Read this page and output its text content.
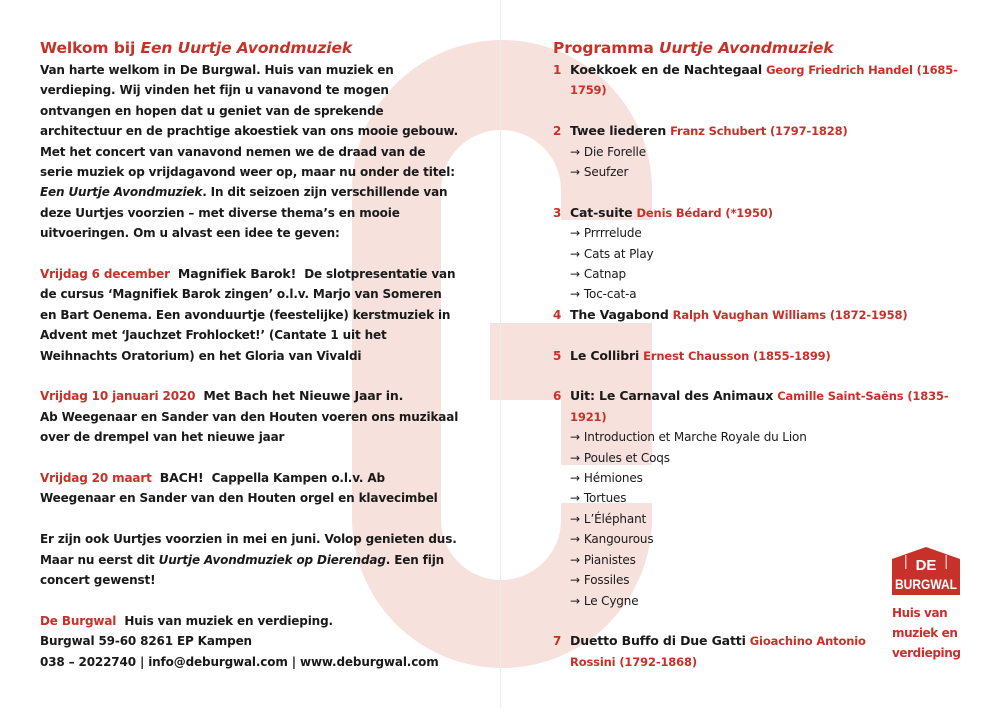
Welkom bij Een Uurtje Avondmuziek

Van harte welkom in De Burgwal. Huis van muziek en verdieping. Wij vinden het fijn u vanavond te mogen ontvangen en hopen dat u geniet van de sprekende architectuur en de prachtige akoestiek van ons mooie gebouw. Met het concert van vanavond nemen we de draad van de serie muziek op vrijdagavond weer op, maar nu onder de titel: Een Uurtje Avondmuziek. In dit seizoen zijn verschillende van deze Uurtjes voorzien – met diverse thema’s en mooie uitvoeringen. Om u alvast een idee te geven:

Vrijdag 6 december Magnifiek Barok! De slotpresentatie van de cursus ‘Magnifiek Barok zingen’ o.l.v. Marjo van Someren en Bart Oenema. Een avonduurtje (feestelijke) kerstmuziek in Advent met ‘Jauchzet Frohlocket!’ (Cantate 1 uit het Weihnachts Oratorium) en het Gloria van Vivaldi

Vrijdag 10 januari 2020 Met Bach het Nieuwe Jaar in.
Ab Weegenaar en Sander van den Houten voeren ons muzikaal over de drempel van het nieuwe jaar

Vrijdag 20 maart BACH! Cappella Kampen o.l.v. Ab Weegenaar en Sander van den Houten orgel en klavecimbel

Er zijn ook Uurtjes voorzien in mei en juni. Volop genieten dus.
Maar nu eerst dit Uurtje Avondmuziek op Dierendag. Een fijn concert gewenst!

De Burgwal Huis van muziek en verdieping.
Burgwal 59-60 8261 EP Kampen
038 – 2022740 | info@deburgwal.com | www.deburgwal.com

Programma Uurtje Avondmuziek
1 Koekkoek en de Nachtegaal Georg Friedrich Handel (1685-1759)
2 Twee liederen Franz Schubert (1797-1828)
→ Die Forelle
→ Seufzer
3 Cat-suite Denis Bédard (*1950)
→ Prrrrelude
→ Cats at Play
→ Catnap
→ Toc-cat-a
4 The Vagabond Ralph Vaughan Williams (1872-1958)
5 Le Collibri Ernest Chausson (1855-1899)
6 Uit: Le Carnaval des Animaux Camille Saint-Saëns (1835-1921)
→ Introduction et Marche Royale du Lion
→ Poules et Coqs
→ Hémiones
→ Tortues
→ L’Éléphant
→ Kangourous
→ Pianistes
→ Fossiles
→ Le Cygne
7 Duetto Buffo di Due Gatti Gioachino Antonio
Rossini (1792-1868)
DE
BURGWAL
Huis van
muziek en
verdieping
